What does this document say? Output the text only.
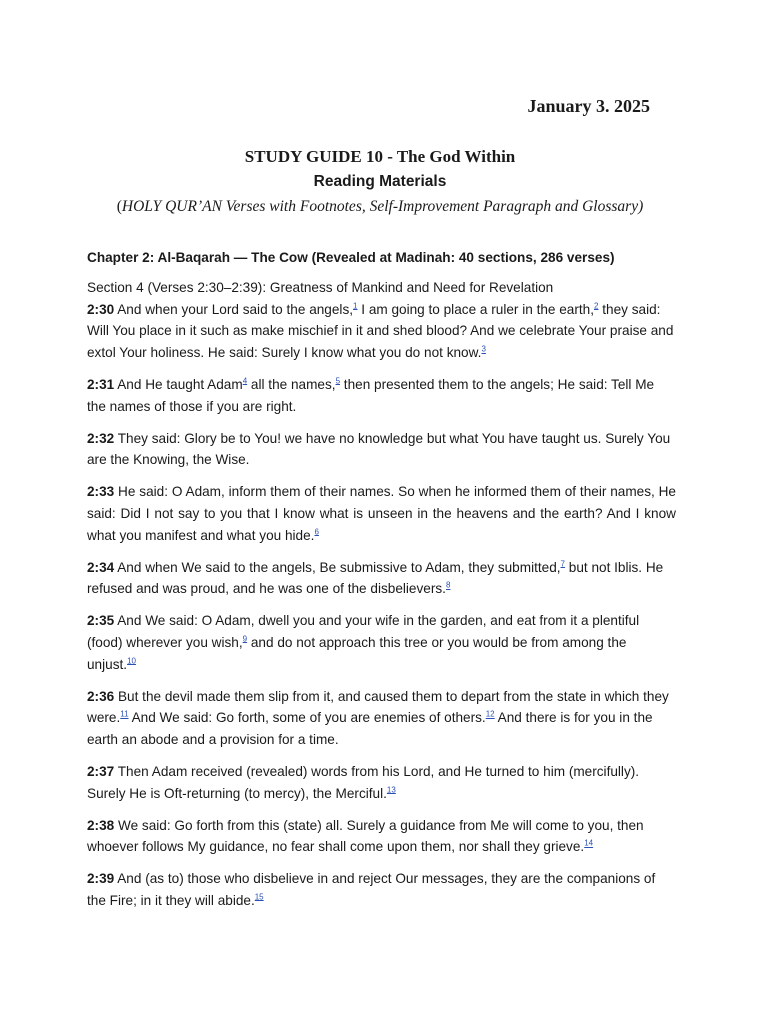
January 3. 2025
STUDY GUIDE 10 - The God Within
Reading Materials
(HOLY QUR’AN Verses with Footnotes, Self-Improvement Paragraph and Glossary)

Chapter 2: Al-Baqarah — The Cow (Revealed at Madinah: 40 sections, 286 verses)

Section 4 (Verses 2:30–2:39): Greatness of Mankind and Need for Revelation

2:30 And when your Lord said to the angels,$^1$ I am going to place a ruler in the earth,$^2$ they said: Will You place in it such as make mischief in it and shed blood? And we celebrate Your praise and extol Your holiness. He said: Surely I know what you do not know.$^3$

2:31 And He taught Adam$^4$ all the names,$^5$ then presented them to the angels; He said: Tell Me the names of those if you are right.

2:32 They said: Glory be to You! we have no knowledge but what You have taught us. Surely You are the Knowing, the Wise.

2:33 He said: O Adam, inform them of their names. So when he informed them of their names, He said: Did I not say to you that I know what is unseen in the heavens and the earth? And I know what you manifest and what you hide.$^6$

2:34 And when We said to the angels, Be submissive to Adam, they submitted,$^7$ but not Iblis. He refused and was proud, and he was one of the disbelievers.$^8$

2:35 And We said: O Adam, dwell you and your wife in the garden, and eat from it a plentiful (food) wherever you wish,$^9$ and do not approach this tree or you would be from among the unjust.$^{10}$

2:36 But the devil made them slip from it, and caused them to depart from the state in which they were.$^{11}$ And We said: Go forth, some of you are enemies of others.$^{12}$ And there is for you in the earth an abode and a provision for a time.

2:37 Then Adam received (revealed) words from his Lord, and He turned to him (mercifully). Surely He is Oft-returning (to mercy), the Merciful.$^{13}$

2:38 We said: Go forth from this (state) all. Surely a guidance from Me will come to you, then whoever follows My guidance, no fear shall come upon them, nor shall they grieve.$^{14}$

2:39 And (as to) those who disbelieve in and reject Our messages, they are the companions of the Fire; in it they will abide.$^{15}$
